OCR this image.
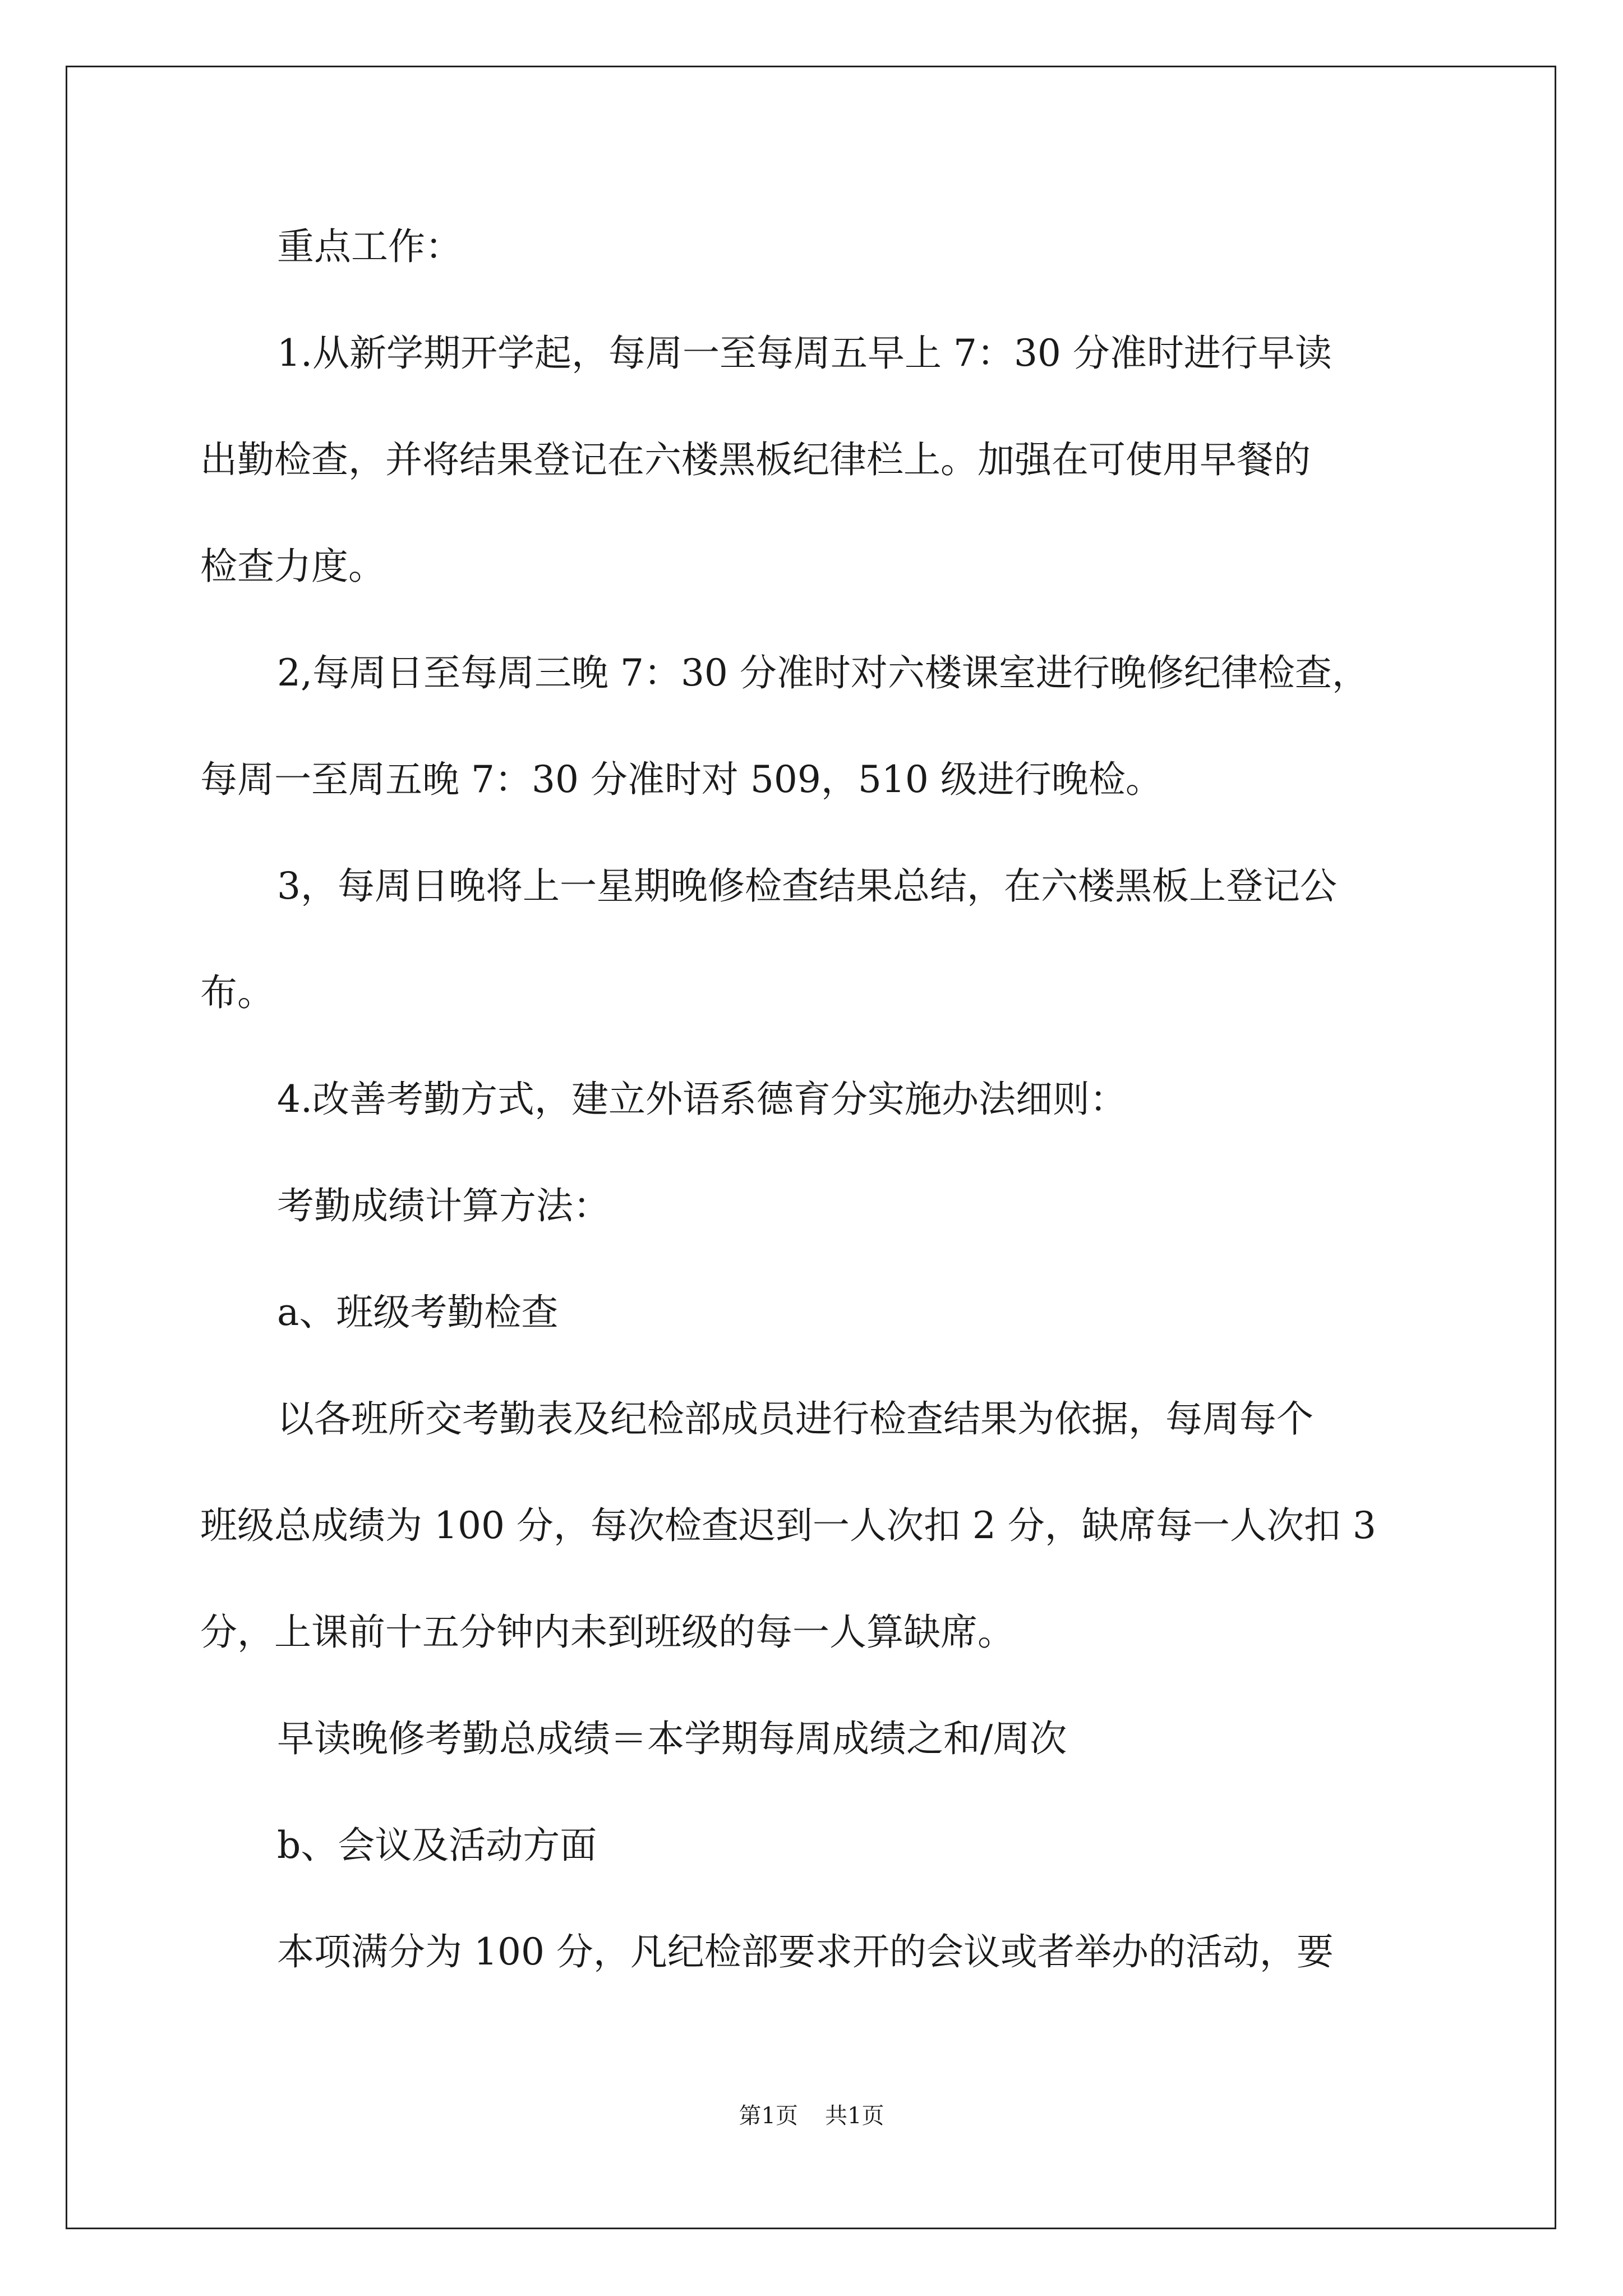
重点工作：
1.从新学期开学起，每周一至每周五早上 7：30 分准时进行早读
出勤检查，并将结果登记在六楼黑板纪律栏上。加强在可使用早餐的
检查力度。
2,每周日至每周三晚 7：30 分准时对六楼课室进行晚修纪律检查，
每周一至周五晚 7：30 分准时对 509，510 级进行晚检。
3，每周日晚将上一星期晚修检查结果总结，在六楼黑板上登记公
布。
4.改善考勤方式，建立外语系德育分实施办法细则：
考勤成绩计算方法：
a、班级考勤检查
以各班所交考勤表及纪检部成员进行检查结果为依据，每周每个
班级总成绩为 100 分，每次检查迟到一人次扣 2 分，缺席每一人次扣 3
分，上课前十五分钟内未到班级的每一人算缺席。
早读晚修考勤总成绩＝本学期每周成绩之和/周次
b、会议及活动方面
本项满分为 100 分，凡纪检部要求开的会议或者举办的活动，要
第1页 共1页
